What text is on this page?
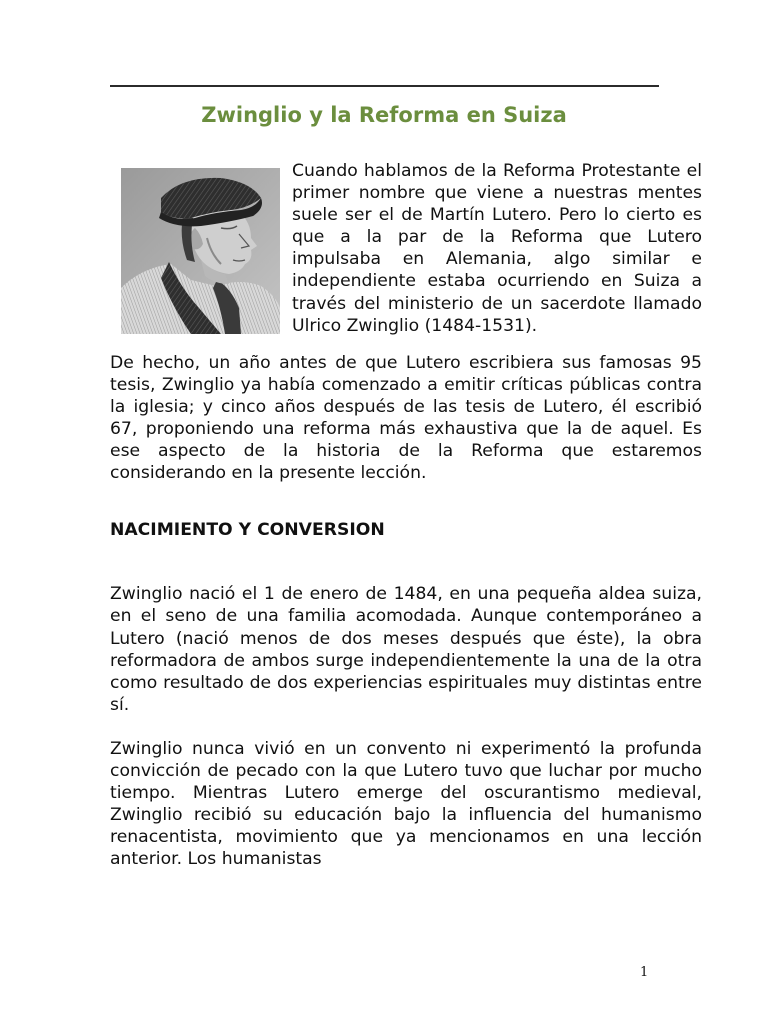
Zwinglio y la Reforma en Suiza

Cuando hablamos de la Reforma Protestante el primer nombre que viene a nuestras mentes suele ser el de Martín Lutero. Pero lo cierto es que a la par de la Reforma que Lutero impulsaba en Alemania, algo similar e independiente estaba ocurriendo en Suiza a través del ministerio de un sacerdote llamado Ulrico Zwinglio (1484-1531).

De hecho, un año antes de que Lutero escribiera sus famosas 95 tesis, Zwinglio ya había comenzado a emitir críticas públicas contra la iglesia; y cinco años después de las tesis de Lutero, él escribió 67, proponiendo una reforma más exhaustiva que la de aquel. Es ese aspecto de la historia de la Reforma que estaremos considerando en la presente lección.

NACIMIENTO Y CONVERSION

Zwinglio nació el 1 de enero de 1484, en una pequeña aldea suiza, en el seno de una familia acomodada. Aunque contemporáneo a Lutero (nació menos de dos meses después que éste), la obra reformadora de ambos surge independientemente la una de la otra como resultado de dos experiencias espirituales muy distintas entre sí.

Zwinglio nunca vivió en un convento ni experimentó la profunda convicción de pecado con la que Lutero tuvo que luchar por mucho tiempo. Mientras Lutero emerge del oscurantismo medieval, Zwinglio recibió su educación bajo la influencia del humanismo renacentista, movimiento que ya mencionamos en una lección anterior. Los humanistas

1
